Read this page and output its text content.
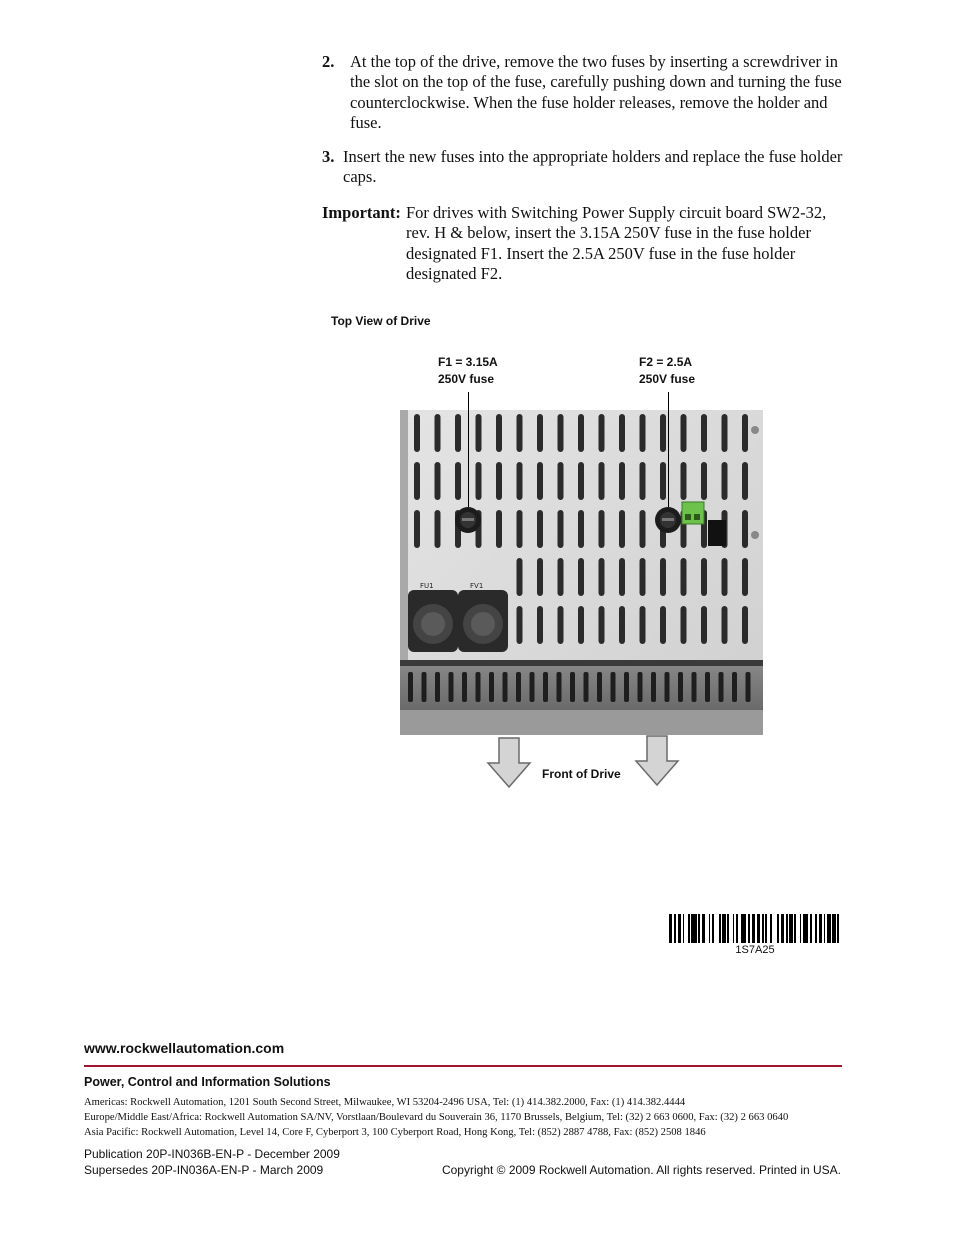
2. At the top of the drive, remove the two fuses by inserting a screwdriver in the slot on the top of the fuse, carefully pushing down and turning the fuse counterclockwise. When the fuse holder releases, remove the holder and fuse.
3. Insert the new fuses into the appropriate holders and replace the fuse holder caps.
Important: For drives with Switching Power Supply circuit board SW2-32, rev. H & below, insert the 3.15A 250V fuse in the fuse holder designated F1. Insert the 2.5A 250V fuse in the fuse holder designated F2.
Top View of Drive
F1 = 3.15A
250V fuse
F2 = 2.5A
250V fuse
FU1	FV1
Front of Drive
1S7A25
www.rockwellautomation.com
Power, Control and Information Solutions
Americas: Rockwell Automation, 1201 South Second Street, Milwaukee, WI 53204-2496 USA, Tel: (1) 414.382.2000, Fax: (1) 414.382.4444
Europe/Middle East/Africa: Rockwell Automation SA/NV, Vorstlaan/Boulevard du Souverain 36, 1170 Brussels, Belgium, Tel: (32) 2 663 0600, Fax: (32) 2 663 0640
Asia Pacific: Rockwell Automation, Level 14, Core F, Cyberport 3, 100 Cyberport Road, Hong Kong, Tel: (852) 2887 4788, Fax: (852) 2508 1846
Publication 20P-IN036B-EN-P - December 2009
Supersedes 20P-IN036A-EN-P - March 2009	Copyright © 2009 Rockwell Automation. All rights reserved. Printed in USA.
